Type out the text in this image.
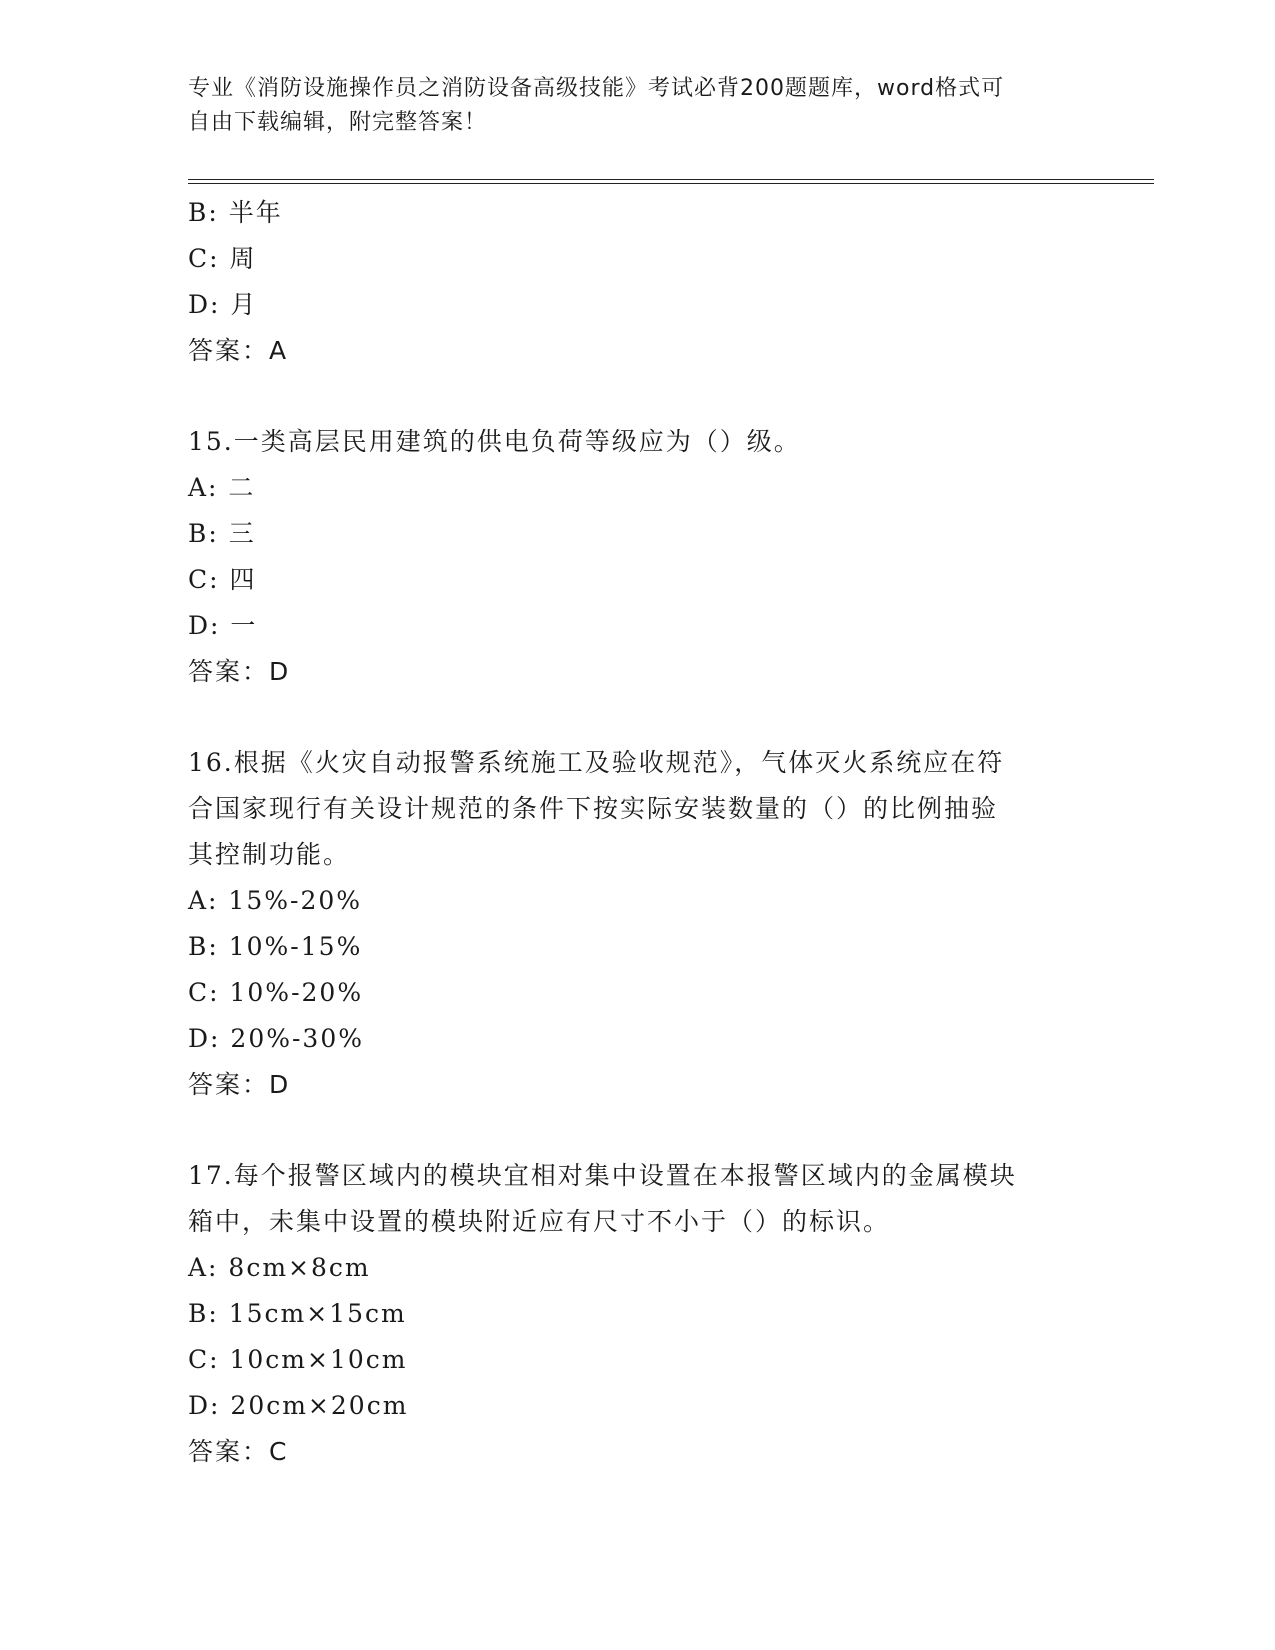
专业《消防设施操作员之消防设备高级技能》考试必背200题题库，word格式可

自由下载编辑，附完整答案！

B: 半年
C: 周
D: 月
答案：A
15.一类高层民用建筑的供电负荷等级应为（）级。
A: 二
B: 三
C: 四
D: 一
答案：D
16.根据《火灾自动报警系统施工及验收规范》，气体灭火系统应在符
合国家现行有关设计规范的条件下按实际安装数量的（）的比例抽验
其控制功能。
A: 15%-20%
B: 10%-15%
C: 10%-20%
D: 20%-30%
答案：D
17.每个报警区域内的模块宜相对集中设置在本报警区域内的金属模块
箱中，未集中设置的模块附近应有尺寸不小于（）的标识。
A: 8cm×8cm
B: 15cm×15cm
C: 10cm×10cm
D: 20cm×20cm
答案：C
